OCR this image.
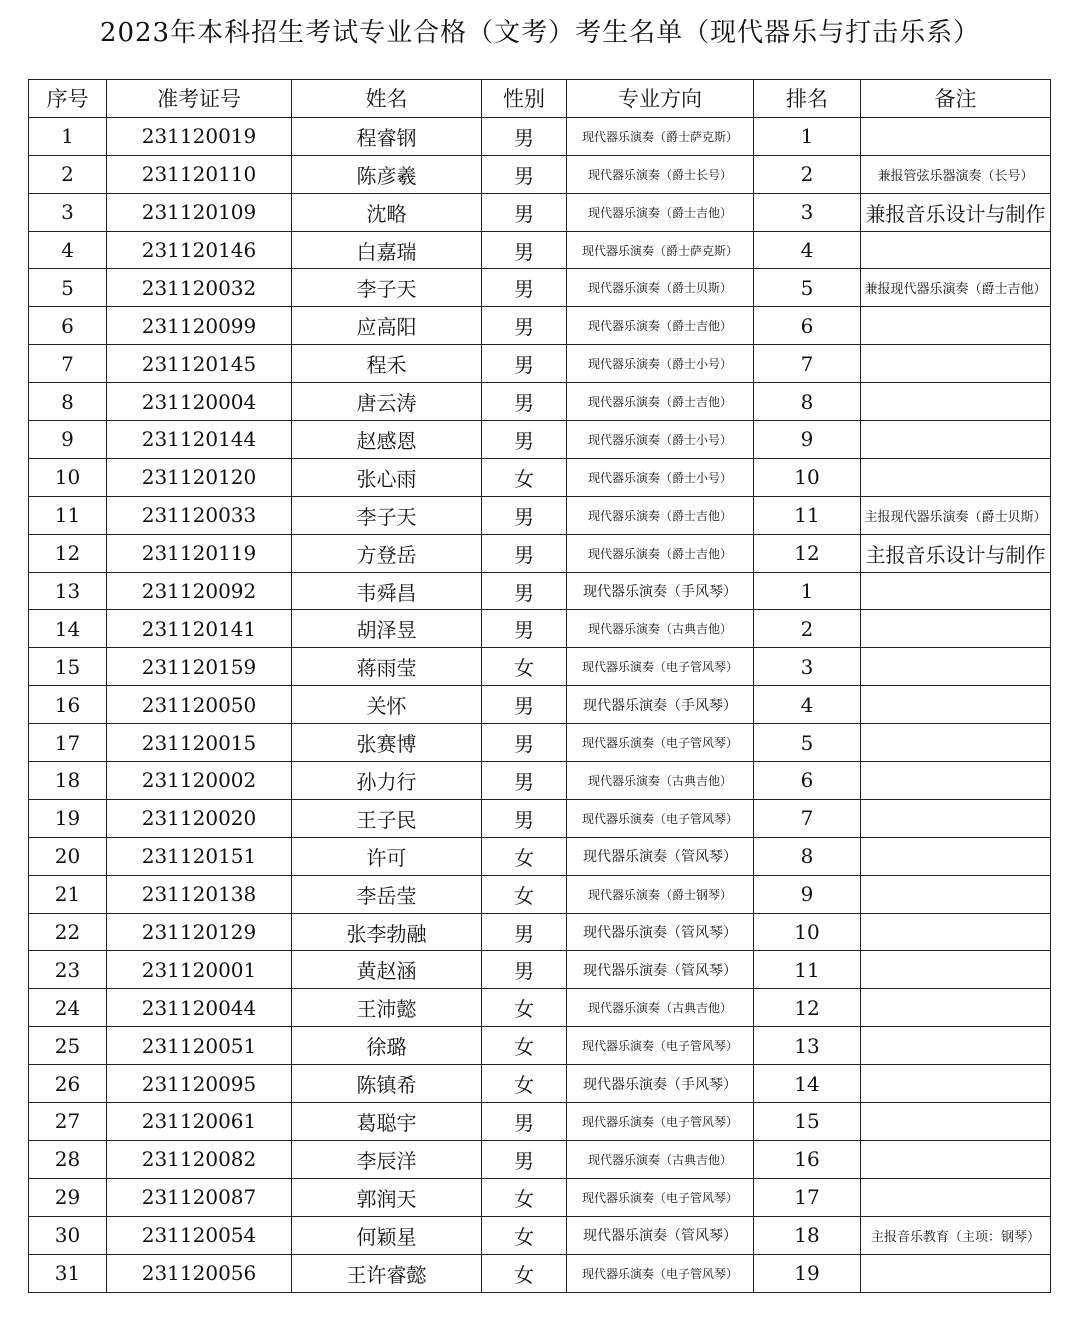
2023年本科招生考试专业合格（文考）考生名单（现代器乐与打击乐系）
序号	准考证号	姓名	性别	专业方向	排名	备注
1	231120019	程睿钢	男	现代器乐演奏（爵士萨克斯）	1	
2	231120110	陈彦羲	男	现代器乐演奏（爵士长号）	2	兼报管弦乐器演奏（长号）
3	231120109	沈略	男	现代器乐演奏（爵士吉他）	3	兼报音乐设计与制作
4	231120146	白嘉瑞	男	现代器乐演奏（爵士萨克斯）	4	
5	231120032	李子天	男	现代器乐演奏（爵士贝斯）	5	兼报现代器乐演奏（爵士吉他）
6	231120099	应高阳	男	现代器乐演奏（爵士吉他）	6	
7	231120145	程禾	男	现代器乐演奏（爵士小号）	7	
8	231120004	唐云涛	男	现代器乐演奏（爵士吉他）	8	
9	231120144	赵感恩	男	现代器乐演奏（爵士小号）	9	
10	231120120	张心雨	女	现代器乐演奏（爵士小号）	10	
11	231120033	李子天	男	现代器乐演奏（爵士吉他）	11	主报现代器乐演奏（爵士贝斯）
12	231120119	方登岳	男	现代器乐演奏（爵士吉他）	12	主报音乐设计与制作
13	231120092	韦舜昌	男	现代器乐演奏（手风琴）	1	
14	231120141	胡泽昱	男	现代器乐演奏（古典吉他）	2	
15	231120159	蒋雨莹	女	现代器乐演奏（电子管风琴）	3	
16	231120050	关怀	男	现代器乐演奏（手风琴）	4	
17	231120015	张赛博	男	现代器乐演奏（电子管风琴）	5	
18	231120002	孙力行	男	现代器乐演奏（古典吉他）	6	
19	231120020	王子民	男	现代器乐演奏（电子管风琴）	7	
20	231120151	许可	女	现代器乐演奏（管风琴）	8	
21	231120138	李岳莹	女	现代器乐演奏（爵士钢琴）	9	
22	231120129	张李勃融	男	现代器乐演奏（管风琴）	10	
23	231120001	黄赵涵	男	现代器乐演奏（管风琴）	11	
24	231120044	王沛懿	女	现代器乐演奏（古典吉他）	12	
25	231120051	徐璐	女	现代器乐演奏（电子管风琴）	13	
26	231120095	陈镇希	女	现代器乐演奏（手风琴）	14	
27	231120061	葛聪宇	男	现代器乐演奏（电子管风琴）	15	
28	231120082	李辰洋	男	现代器乐演奏（古典吉他）	16	
29	231120087	郭润天	女	现代器乐演奏（电子管风琴）	17	
30	231120054	何颖星	女	现代器乐演奏（管风琴）	18	主报音乐教育（主项：钢琴）
31	231120056	王许睿懿	女	现代器乐演奏（电子管风琴）	19	
